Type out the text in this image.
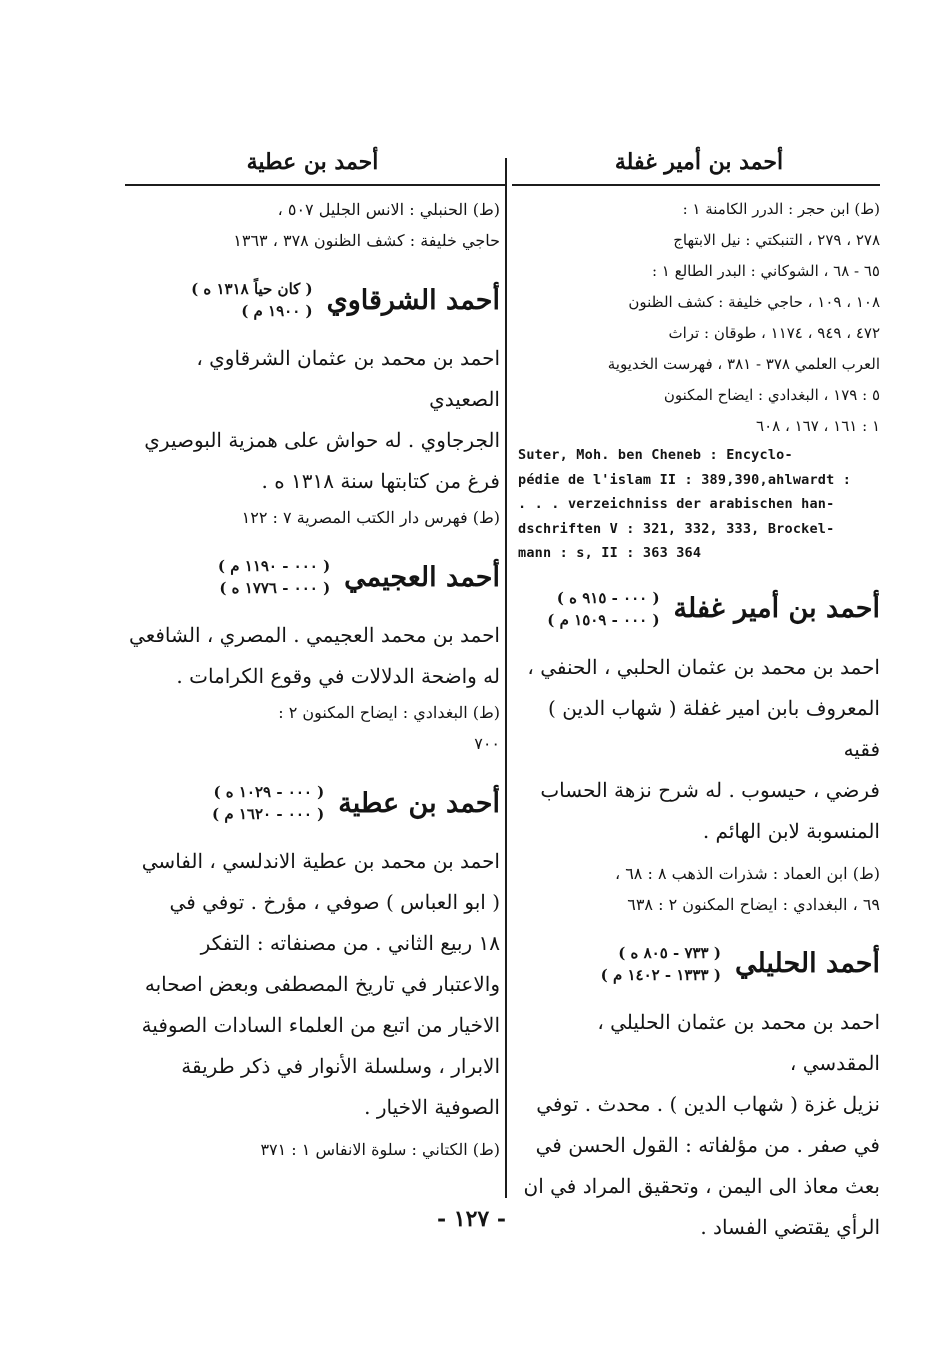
أحمد بن أمير غفلة

(ط) ابن حجر : الدرر الكامنة ١ :

٢٧٨ ، ٢٧٩ ، التنبكتي : نيل الابتهاج

٦٥ - ٦٨ ، الشوكاني : البدر الطالع ١ :

١٠٨ ، ١٠٩ ، حاجي خليفة : كشف الظنون

٤٧٢ ، ٩٤٩ ، ١١٧٤ ، طوقان : تراث

العرب العلمي ٣٧٨ - ٣٨١ ، فهرست الخديوية

٥ : ١٧٩ ، البغدادي : ايضاح المكنون

١ : ١٦١ ، ١٦٧ ، ٦٠٨

Suter, Moh. ben Cheneb : Encyclo-

pédie de l'islam II : 389,390,ahlwardt :

. . . verzeichniss der arabischen han-

dschriften V : 321, 332, 333, Brockel-

mann : s, II : 363 364

أحمد بن أمير غفلة
( ٠٠٠ - ٩١٥ ه )
( ٠٠٠ - ١٥٠٩ م )

احمد بن محمد بن عثمان الحلبي ، الحنفي ،

المعروف بابن امير غفلة ( شهاب الدين ) فقيه

فرضي ، حيسوب . له شرح نزهة الحساب

المنسوبة لابن الهائم .

(ط) ابن العماد : شذرات الذهب ٨ : ٦٨ ،

٦٩ ، البغدادي : ايضاح المكنون ٢ : ٦٣٨

أحمد الحليلي
( ٧٣٣ - ٨٠٥ ه )
( ١٣٣٣ - ١٤٠٢ م )

احمد بن محمد بن عثمان الحليلي ، المقدسي ،

نزيل غزة ( شهاب الدين ) . محدث . توفي

في صفر . من مؤلفاته : القول الحسن في

بعث معاذ الى اليمن ، وتحقيق المراد في ان

الرأي يقتضي الفساد .

أحمد بن عطية

(ط) الحنبلي : الانس الجليل ٥٠٧ ،

حاجي خليفة : كشف الظنون ٣٧٨ ، ١٣٦٣

أحمد الشرقاوي
( كان حياً ١٣١٨ ه )
( ١٩٠٠ م )

احمد بن محمد بن عثمان الشرقاوي ، الصعيدي

الجرجاوي . له حواش على همزية البوصيري

فرغ من كتابتها سنة ١٣١٨ ه .

(ط) فهرس دار الكتب المصرية ٧ : ١٢٢

أحمد العجيمي
( ٠٠٠ - ١١٩٠ م )
( ٠٠٠ - ١٧٧٦ ه )

احمد بن محمد العجيمي . المصري ، الشافعي

له واضحة الدلالات في وقوع الكرامات .

(ط) البغدادي : ايضاح المكنون ٢ :

٧٠٠

أحمد بن عطية
( ٠٠٠ - ١٠٢٩ ه )
( ٠٠٠ - ١٦٢٠ م )

احمد بن محمد بن عطية الاندلسي ، الفاسي

( ابو العباس ) صوفي ، مؤرخ . توفي في

١٨ ربيع الثاني . من مصنفاته : التفكر

والاعتبار في تاريخ المصطفى وبعض اصحابه

الاخيار من اتبع من العلماء السادات الصوفية

الابرار ، وسلسلة الأنوار في ذكر طريقة

الصوفية الاخيار .

(ط) الكتاني : سلوة الانفاس ١ : ٣٧١

- ١٢٧ -
